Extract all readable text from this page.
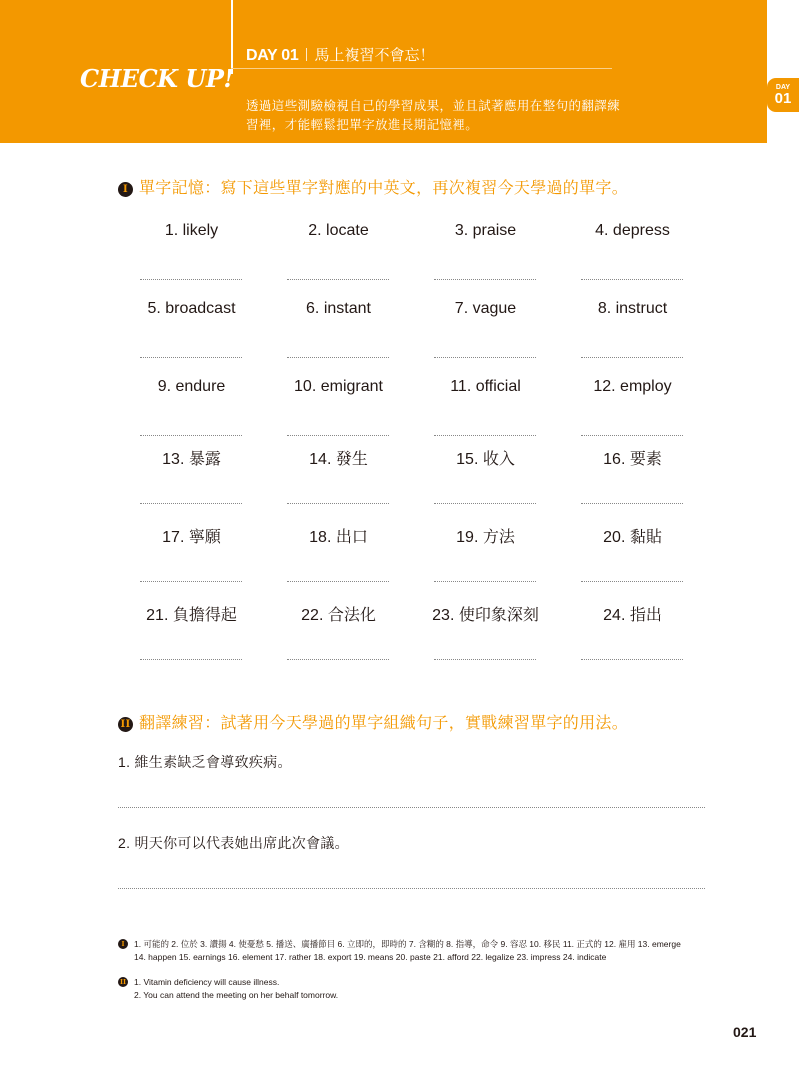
CHECK UP!
DAY 01 馬上複習不會忘！
透過這些測驗檢視自己的學習成果，並且試著應用在整句的翻譯練習裡，才能輕鬆把單字放進長期記憶裡。
DAY
01
I 單字記憶：寫下這些單字對應的中英文，再次複習今天學過的單字。
1. likely	2. locate	3. praise	4. depress
5. broadcast	6. instant	7. vague	8. instruct
9. endure	10. emigrant	11. official	12. employ
13. 暴露	14. 發生	15. 收入	16. 要素
17. 寧願	18. 出口	19. 方法	20. 黏貼
21. 負擔得起	22. 合法化	23. 使印象深刻	24. 指出
II 翻譯練習：試著用今天學過的單字組織句子，實戰練習單字的用法。
1. 維生素缺乏會導致疾病。
2. 明天你可以代表她出席此次會議。
I	1. 可能的 2. 位於 3. 讚揚 4. 使憂愁 5. 播送、廣播節目 6. 立即的，即時的 7. 含糊的 8. 指導，命令 9. 容忍 10. 移民 11. 正式的 12. 雇用 13. emerge 14. happen 15. earnings 16. element 17. rather 18. export 19. means 20. paste 21. afford 22. legalize 23. impress 24. indicate
II 1. Vitamin deficiency will cause illness.
2. You can attend the meeting on her behalf tomorrow.
021
